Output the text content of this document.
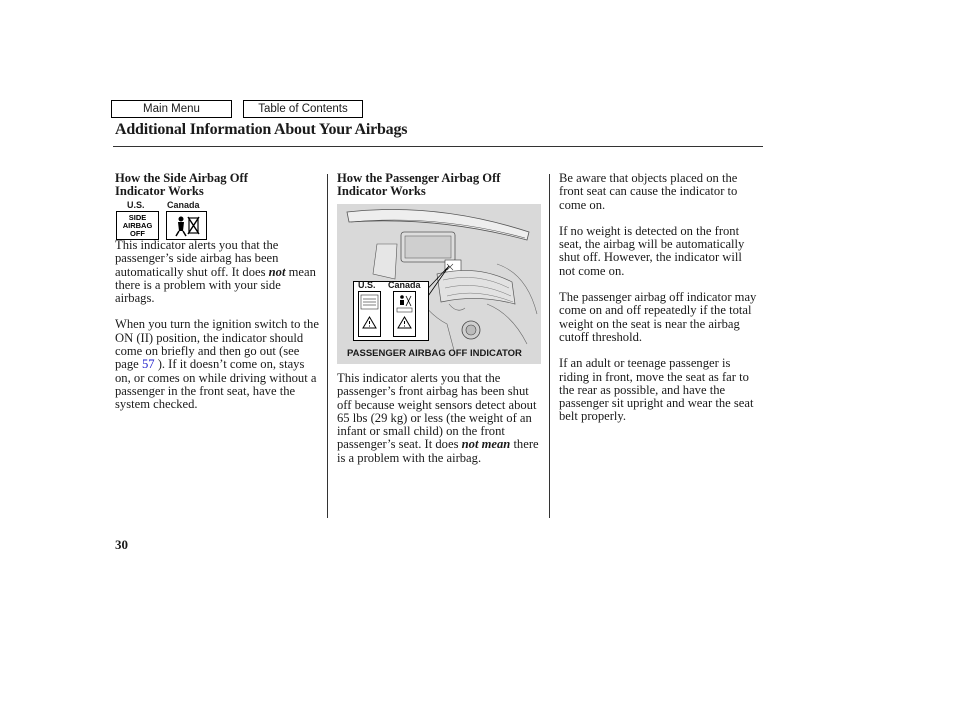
Main Menu	Table of Contents
Additional Information About Your Airbags
How the Side Airbag Off
Indicator Works
U.S. Canada
SIDE
AIRBAG
OFF

This indicator alerts you that the passenger’s side airbag has been automatically shut off. It does not mean there is a problem with your side airbags.

When you turn the ignition switch to the ON (II) position, the indicator should come on briefly and then go out (see page 57 ). If it doesn’t come on, stays on, or comes on while driving without a passenger in the front seat, have the system checked.

How the Passenger Airbag Off
Indicator Works
U.S. Canada
PASSENGER AIRBAG OFF INDICATOR

This indicator alerts you that the passenger’s front airbag has been shut off because weight sensors detect about 65 lbs (29 kg) or less (the weight of an infant or small child) on the front passenger’s seat. It does not mean there is a problem with the airbag.

Be aware that objects placed on the front seat can cause the indicator to come on.

If no weight is detected on the front seat, the airbag will be automatically shut off. However, the indicator will not come on.

The passenger airbag off indicator may come on and off repeatedly if the total weight on the seat is near the airbag cutoff threshold.

If an adult or teenage passenger is riding in front, move the seat as far to the rear as possible, and have the passenger sit upright and wear the seat belt properly.

30
